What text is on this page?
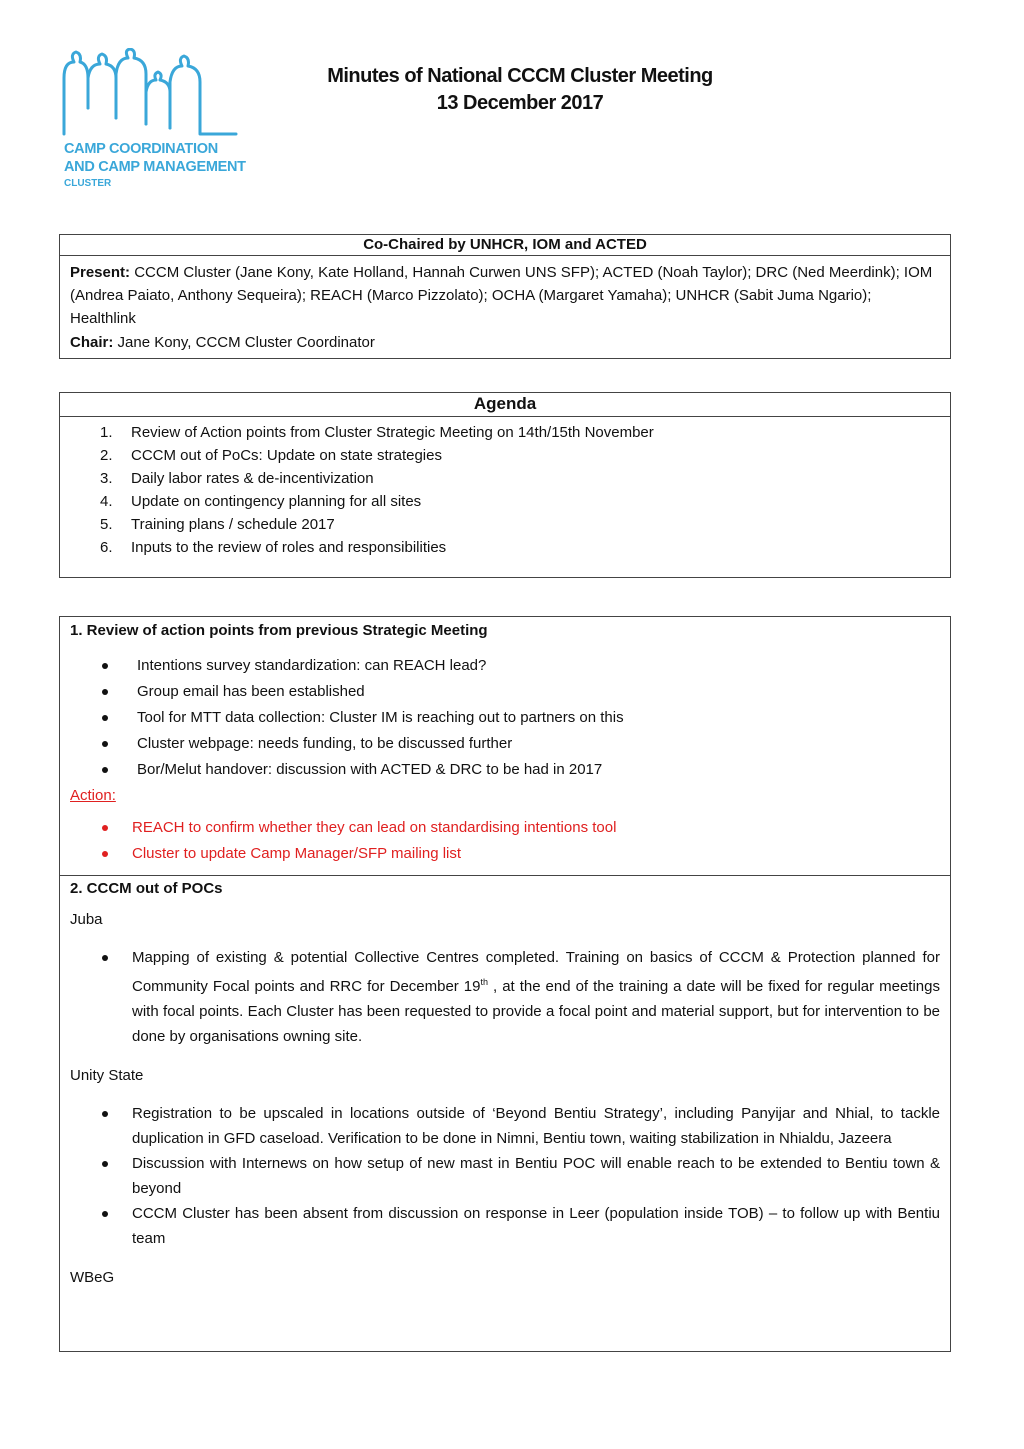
CAMP COORDINATION
AND CAMP MANAGEMENT
CLUSTER
Minutes of National CCCM Cluster Meeting
13 December 2017
Co-Chaired by UNHCR, IOM and ACTED
Present: CCCM Cluster (Jane Kony, Kate Holland, Hannah Curwen UNS SFP); ACTED (Noah Taylor); DRC (Ned Meerdink); IOM (Andrea Paiato, Anthony Sequeira); REACH (Marco Pizzolato); OCHA (Margaret Yamaha); UNHCR (Sabit Juma Ngario); Healthlink
Chair: Jane Kony, CCCM Cluster Coordinator
Agenda
1. Review of Action points from Cluster Strategic Meeting on 14th/15th November
2. CCCM out of PoCs: Update on state strategies
3. Daily labor rates & de-incentivization
4. Update on contingency planning for all sites
5. Training plans / schedule 2017
6. Inputs to the review of roles and responsibilities
1. Review of action points from previous Strategic Meeting
Intentions survey standardization: can REACH lead?
Group email has been established
Tool for MTT data collection: Cluster IM is reaching out to partners on this
Cluster webpage: needs funding, to be discussed further
Bor/Melut handover: discussion with ACTED & DRC to be had in 2017
Action:
REACH to confirm whether they can lead on standardising intentions tool
Cluster to update Camp Manager/SFP mailing list
2. CCCM out of POCs
Juba
Mapping of existing & potential Collective Centres completed. Training on basics of CCCM & Protection planned for Community Focal points and RRC for December 19th , at the end of the training a date will be fixed for regular meetings with focal points. Each Cluster has been requested to provide a focal point and material support, but for intervention to be done by organisations owning site.
Unity State
Registration to be upscaled in locations outside of ‘Beyond Bentiu Strategy’, including Panyijar and Nhial, to tackle duplication in GFD caseload. Verification to be done in Nimni, Bentiu town, waiting stabilization in Nhialdu, Jazeera
Discussion with Internews on how setup of new mast in Bentiu POC will enable reach to be extended to Bentiu town & beyond
CCCM Cluster has been absent from discussion on response in Leer (population inside TOB) – to follow up with Bentiu team
WBeG
